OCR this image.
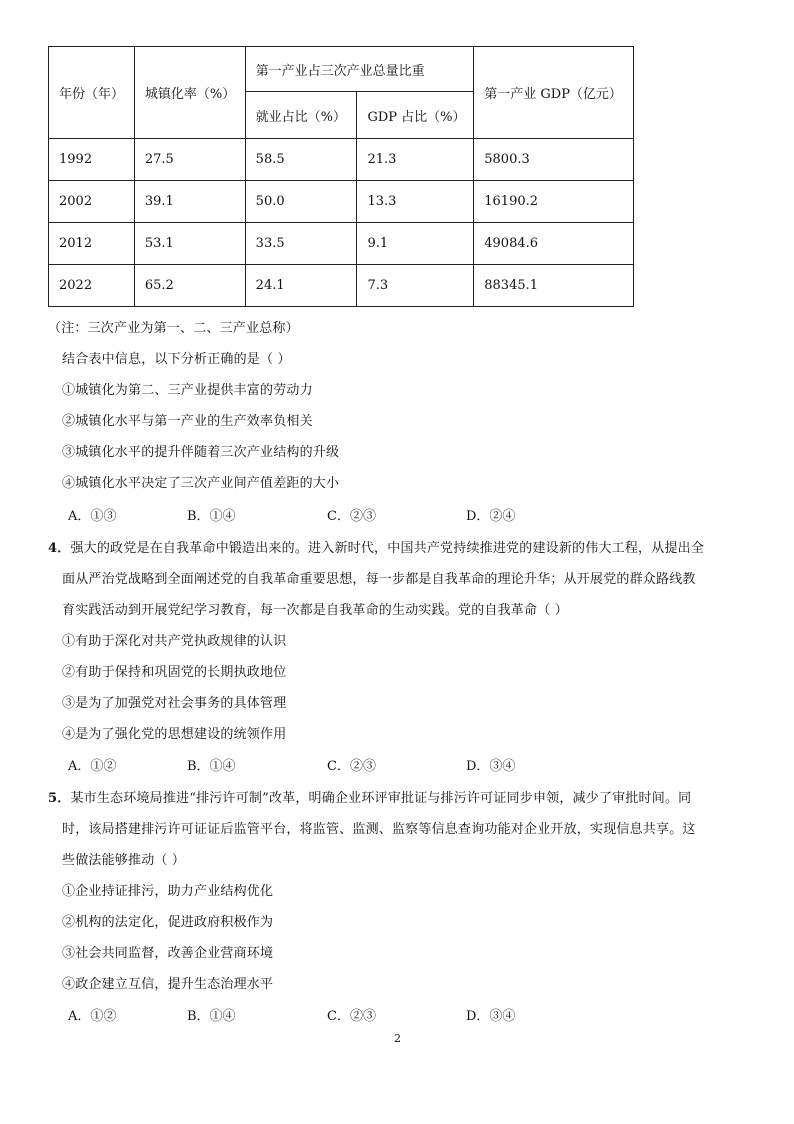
年份（年）	城镇化率（%）	第一产业占三次产业总量比重		第一产业 GDP（亿元）
		就业占比（%）	GDP 占比（%）	
1992	27.5	58.5	21.3	5800.3
2002	39.1	50.0	13.3	16190.2
2012	53.1	33.5	9.1	49084.6
2022	65.2	24.1	7.3	88345.1
（注：三次产业为第一、二、三产业总称）
结合表中信息，以下分析正确的是（ ）
①城镇化为第二、三产业提供丰富的劳动力
②城镇化水平与第一产业的生产效率负相关
③城镇化水平的提升伴随着三次产业结构的升级
④城镇化水平决定了三次产业间产值差距的大小
A．①③	B．①④	C．②③	D．②④
4．强大的政党是在自我革命中锻造出来的。进入新时代，中国共产党持续推进党的建设新的伟大工程，从提出全
面从严治党战略到全面阐述党的自我革命重要思想，每一步都是自我革命的理论升华；从开展党的群众路线教
育实践活动到开展党纪学习教育，每一次都是自我革命的生动实践。党的自我革命（ ）
①有助于深化对共产党执政规律的认识
②有助于保持和巩固党的长期执政地位
③是为了加强党对社会事务的具体管理
④是为了强化党的思想建设的统领作用
A．①②	B．①④	C．②③	D．③④
5．某市生态环境局推进“排污许可制”改革，明确企业环评审批证与排污许可证同步申领，减少了审批时间。同
时，该局搭建排污许可证证后监管平台，将监管、监测、监察等信息查询功能对企业开放，实现信息共享。这
些做法能够推动（ ）
①企业持证排污，助力产业结构优化
②机构的法定化，促进政府积极作为
③社会共同监督，改善企业营商环境
④政企建立互信，提升生态治理水平
A．①②	B．①④	C．②③	D．③④
2
